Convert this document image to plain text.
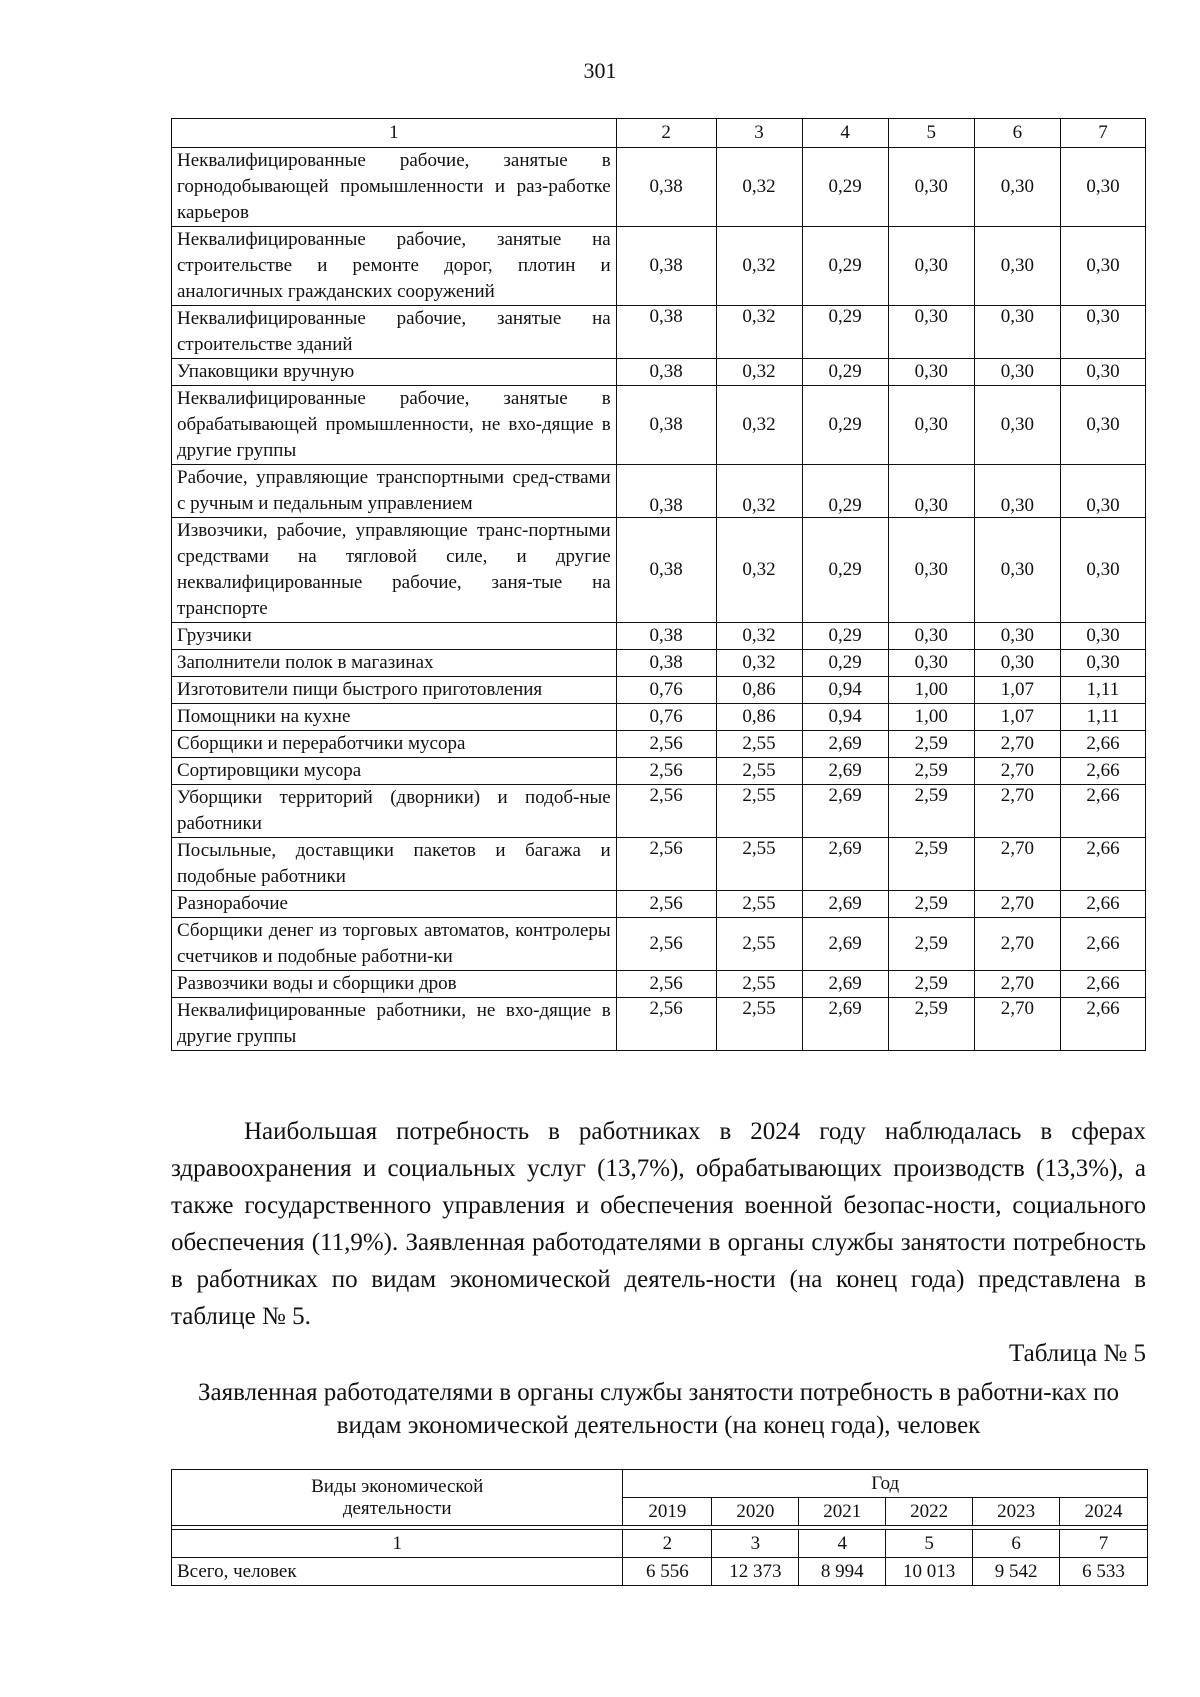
301
1	2	3	4	5	6	7
Неквалифицированные рабочие, занятые в горнодобывающей промышленности и раз-работке карьеров	0,38	0,32	0,29	0,30	0,30	0,30
Неквалифицированные рабочие, занятые на строительстве и ремонте дорог, плотин и аналогичных гражданских сооружений	0,38	0,32	0,29	0,30	0,30	0,30
Неквалифицированные рабочие, занятые на строительстве зданий	0,38	0,32	0,29	0,30	0,30	0,30
Упаковщики вручную	0,38	0,32	0,29	0,30	0,30	0,30
Неквалифицированные рабочие, занятые в обрабатывающей промышленности, не вхо-дящие в другие группы	0,38	0,32	0,29	0,30	0,30	0,30
Рабочие, управляющие транспортными сред-ствами с ручным и педальным управлением	0,38	0,32	0,29	0,30	0,30	0,30
Извозчики, рабочие, управляющие транс-портными средствами на тягловой силе, и другие неквалифицированные рабочие, заня-тые на транспорте	0,38	0,32	0,29	0,30	0,30	0,30
Грузчики	0,38	0,32	0,29	0,30	0,30	0,30
Заполнители полок в магазинах	0,38	0,32	0,29	0,30	0,30	0,30
Изготовители пищи быстрого приготовления	0,76	0,86	0,94	1,00	1,07	1,11
Помощники на кухне	0,76	0,86	0,94	1,00	1,07	1,11
Сборщики и переработчики мусора	2,56	2,55	2,69	2,59	2,70	2,66
Сортировщики мусора	2,56	2,55	2,69	2,59	2,70	2,66
Уборщики территорий (дворники) и подоб-ные работники	2,56	2,55	2,69	2,59	2,70	2,66
Посыльные, доставщики пакетов и багажа и подобные работники	2,56	2,55	2,69	2,59	2,70	2,66
Разнорабочие	2,56	2,55	2,69	2,59	2,70	2,66
Сборщики денег из торговых автоматов, контролеры счетчиков и подобные работни-ки	2,56	2,55	2,69	2,59	2,70	2,66
Развозчики воды и сборщики дров	2,56	2,55	2,69	2,59	2,70	2,66
Неквалифицированные работники, не вхо-дящие в другие группы	2,56	2,55	2,69	2,59	2,70	2,66

Наибольшая потребность в работниках в 2024 году наблюдалась в сферах здравоохранения и социальных услуг (13,7%), обрабатывающих производств (13,3%), а также государственного управления и обеспечения военной безопас-ности, социального обеспечения (11,9%). Заявленная работодателями в органы службы занятости потребность в работниках по видам экономической деятель-ности (на конец года) представлена в таблице № 5.

Таблица № 5

Заявленная работодателями в органы службы занятости потребность в работни-ках по видам экономической деятельности (на конец года), человек

Виды экономической
деятельности	Год					
	2019	2020	2021	2022	2023	2024

1	2	3	4	5	6	7
Всего, человек	6 556	12 373	8 994	10 013	9 542	6 533
